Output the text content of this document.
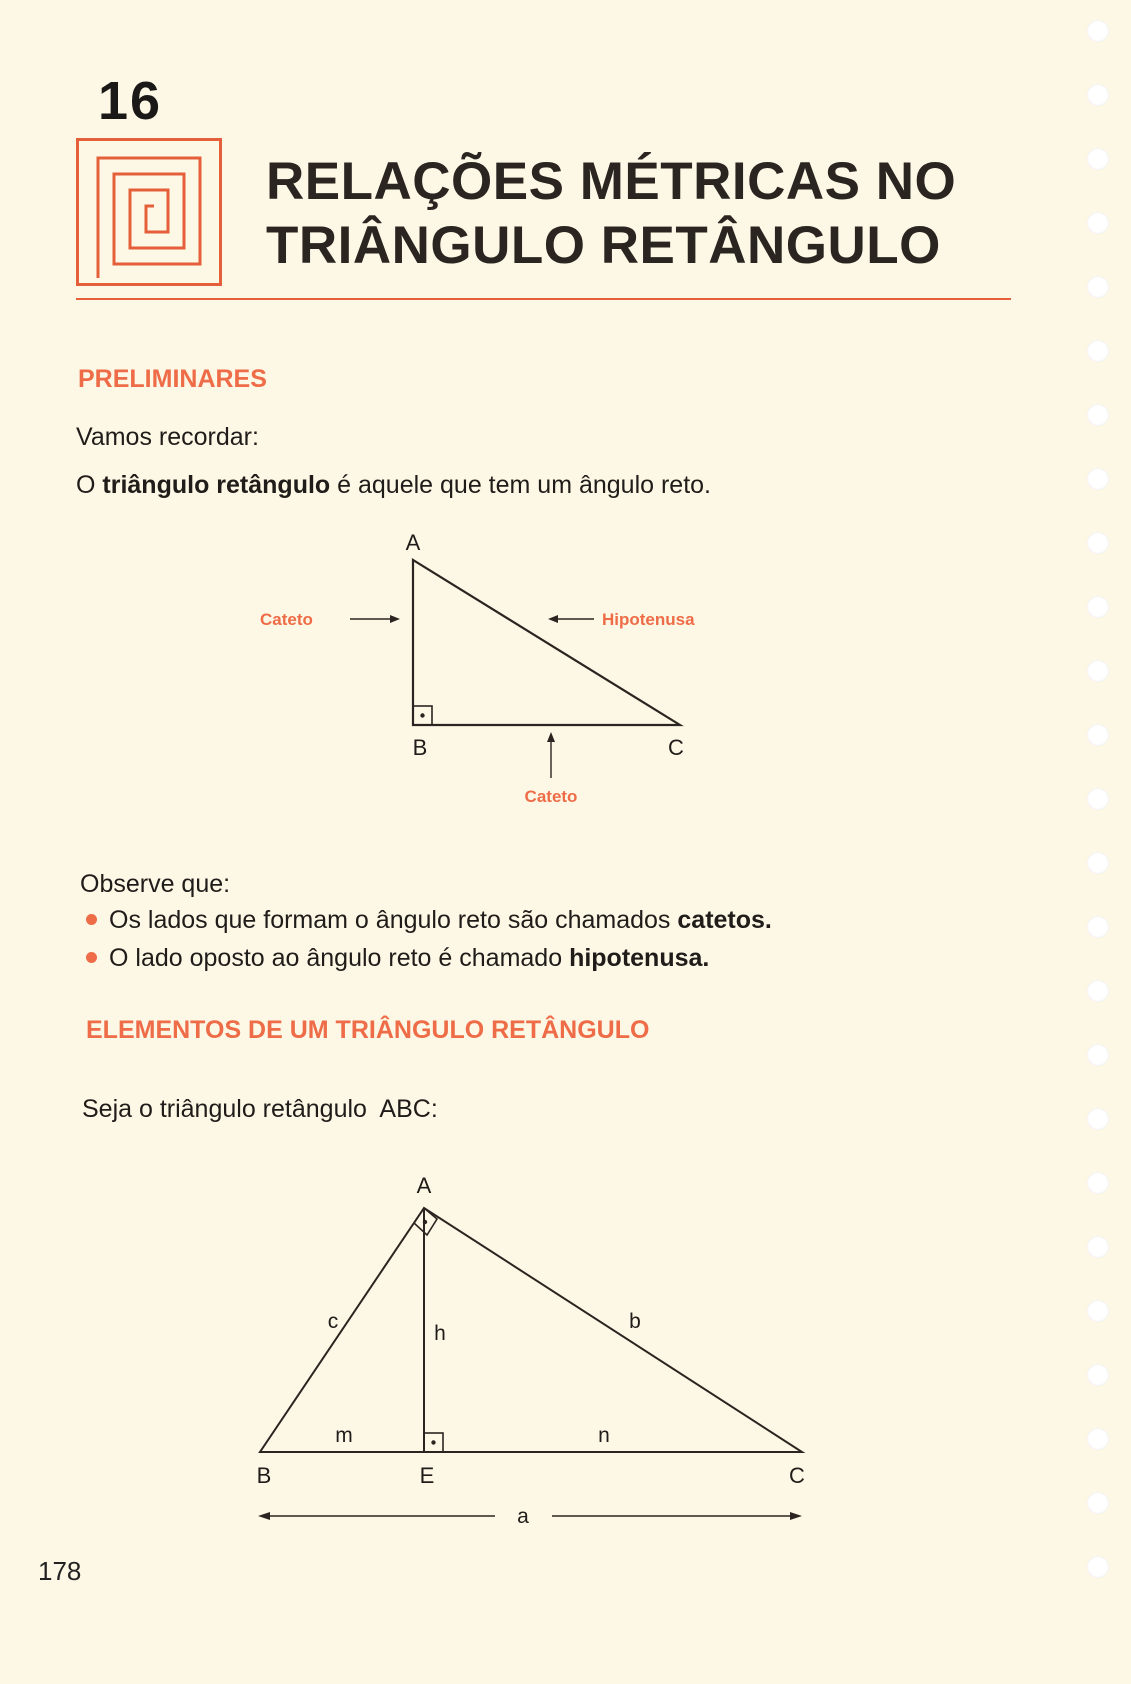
16
RELAÇÕES MÉTRICAS NO
TRIÂNGULO RETÂNGULO
PRELIMINARES
Vamos recordar:
O triângulo retângulo é aquele que tem um ângulo reto.
A
B	C
Cateto	Hipotenusa
Cateto
Observe que:
Os lados que formam o ângulo reto são chamados catetos.
O lado oposto ao ângulo reto é chamado hipotenusa.
ELEMENTOS DE UM TRIÂNGULO RETÂNGULO
Seja o triângulo retângulo  ABC:
A
B	E	C
c	b
h
m	n
a
178
